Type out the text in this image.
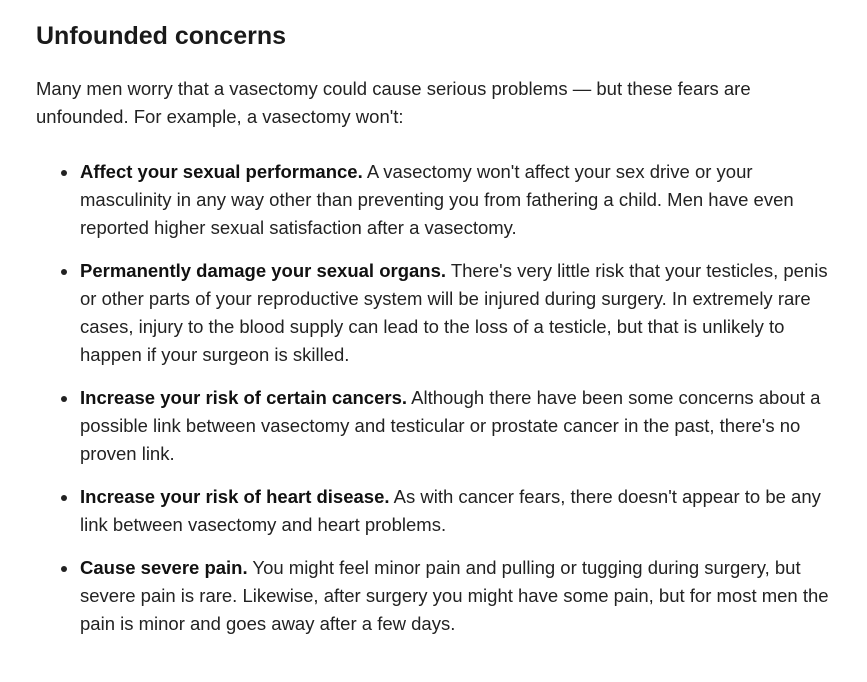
Unfounded concerns

Many men worry that a vasectomy could cause serious problems — but these fears are unfounded. For example, a vasectomy won't:

Affect your sexual performance. A vasectomy won't affect your sex drive or your masculinity in any way other than preventing you from fathering a child. Men have even reported higher sexual satisfaction after a vasectomy.
Permanently damage your sexual organs. There's very little risk that your testicles, penis or other parts of your reproductive system will be injured during surgery. In extremely rare cases, injury to the blood supply can lead to the loss of a testicle, but that is unlikely to happen if your surgeon is skilled.
Increase your risk of certain cancers. Although there have been some concerns about a possible link between vasectomy and testicular or prostate cancer in the past, there's no proven link.
Increase your risk of heart disease. As with cancer fears, there doesn't appear to be any link between vasectomy and heart problems.
Cause severe pain. You might feel minor pain and pulling or tugging during surgery, but severe pain is rare. Likewise, after surgery you might have some pain, but for most men the pain is minor and goes away after a few days.
